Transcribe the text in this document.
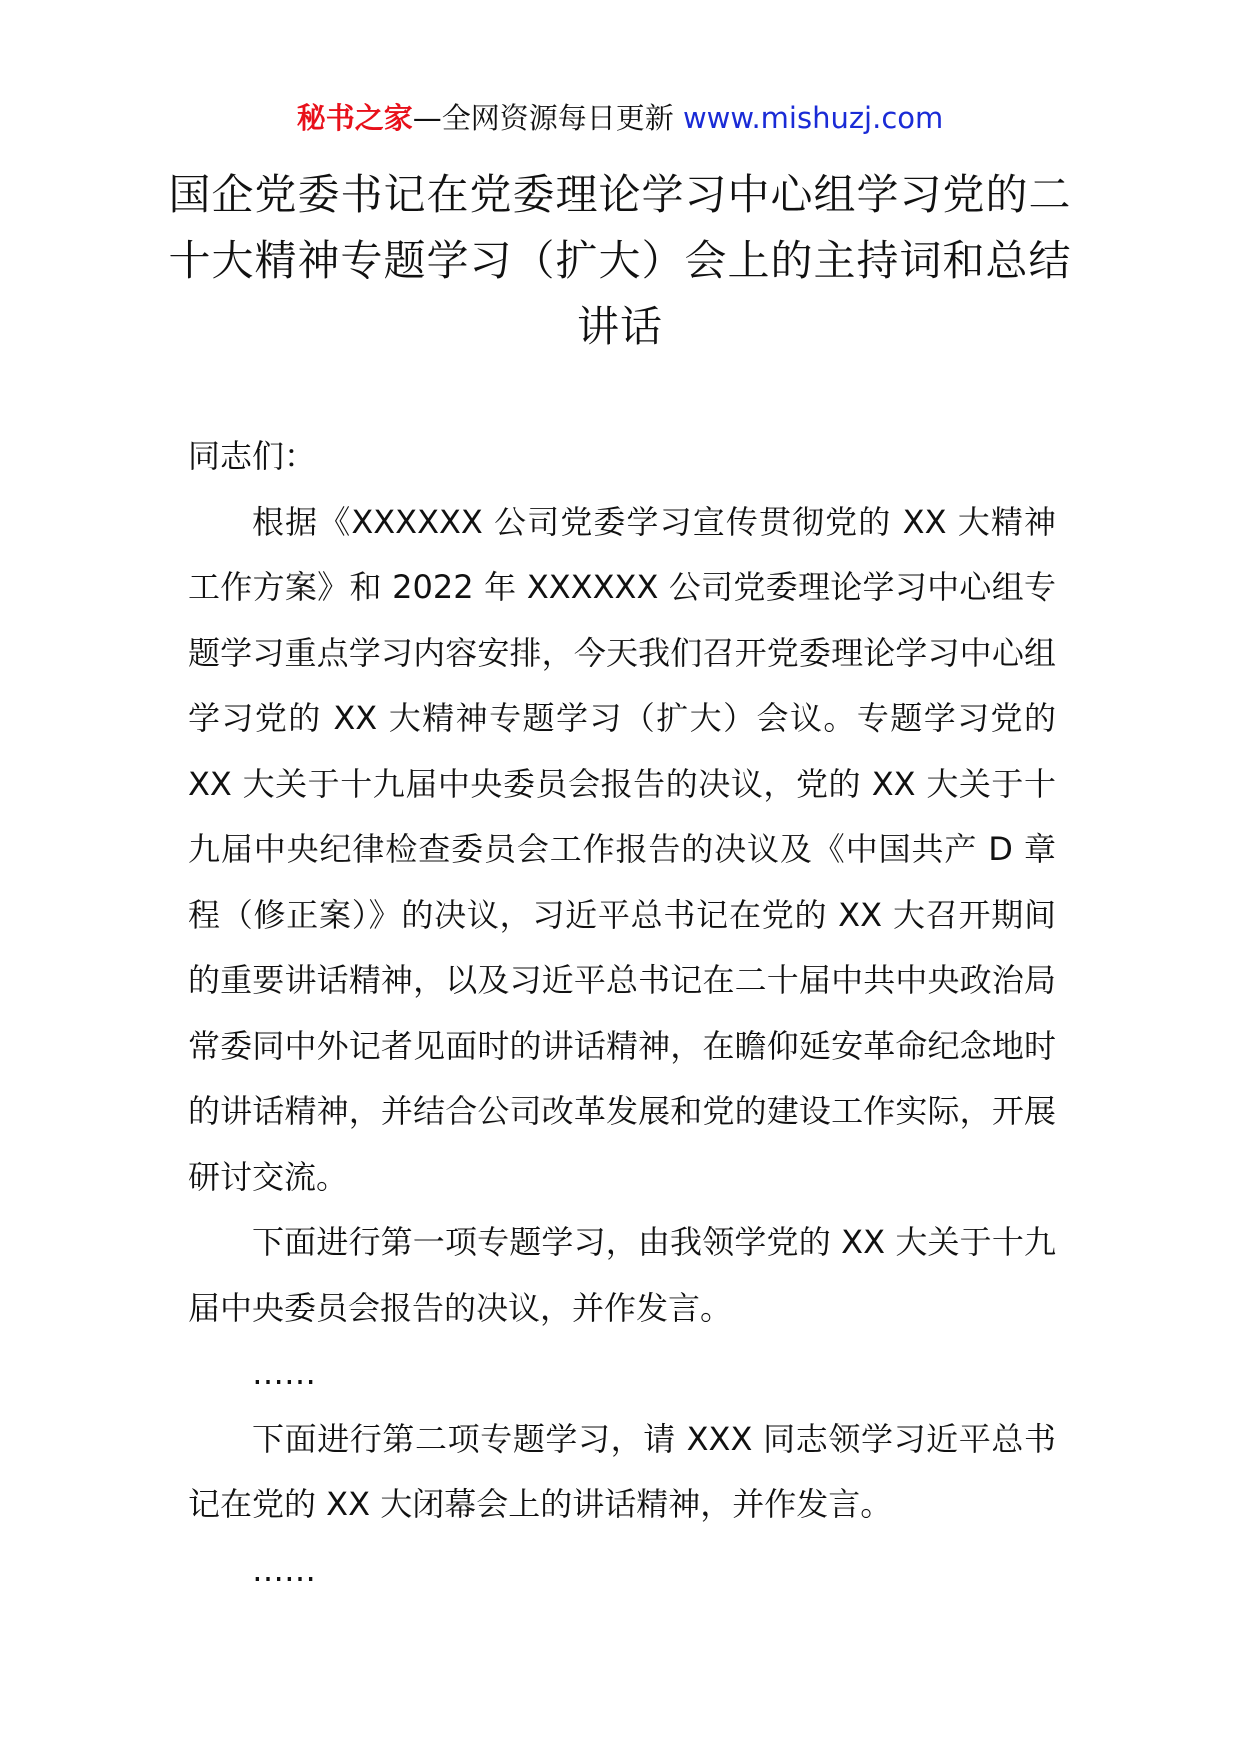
秘书之家—全网资源每日更新 www.mishuzj.com
国企党委书记在党委理论学习中心组学习党的二十大精神专题学习（扩大）会上的主持词和总结讲话

同志们：

根据《XXXXXX 公司党委学习宣传贯彻党的 XX 大精神工作方案》和 2022 年 XXXXXX 公司党委理论学习中心组专题学习重点学习内容安排，今天我们召开党委理论学习中心组学习党的 XX 大精神专题学习（扩大）会议。专题学习党的 XX 大关于十九届中央委员会报告的决议，党的 XX 大关于十九届中央纪律检查委员会工作报告的决议及《中国共产 D 章程（修正案）》的决议，习近平总书记在党的 XX 大召开期间的重要讲话精神，以及习近平总书记在二十届中共中央政治局常委同中外记者见面时的讲话精神，在瞻仰延安革命纪念地时的讲话精神，并结合公司改革发展和党的建设工作实际，开展研讨交流。

下面进行第一项专题学习，由我领学党的 XX 大关于十九届中央委员会报告的决议，并作发言。

……

下面进行第二项专题学习，请 XXX 同志领学习近平总书记在党的 XX 大闭幕会上的讲话精神，并作发言。

……
